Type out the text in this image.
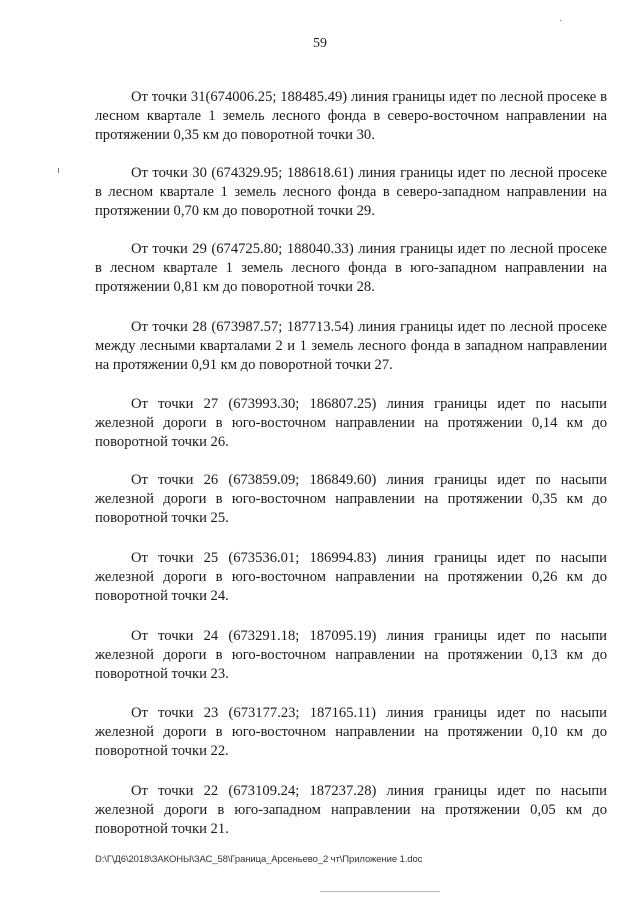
59

От точки 31(674006.25; 188485.49) линия границы идет по лесной просеке в лесном квартале 1 земель лесного фонда в северо-восточном направлении на протяжении 0,35 км до поворотной точки 30.

От точки 30 (674329.95; 188618.61) линия границы идет по лесной просеке в лесном квартале 1 земель лесного фонда в северо-западном направлении на протяжении 0,70 км до поворотной точки 29.

От точки 29 (674725.80; 188040.33) линия границы идет по лесной просеке в лесном квартале 1 земель лесного фонда в юго-западном направлении на протяжении 0,81 км до поворотной точки 28.

От точки 28 (673987.57; 187713.54) линия границы идет по лесной просеке между лесными кварталами 2 и 1 земель лесного фонда в западном направлении на протяжении 0,91 км до поворотной точки 27.

От точки 27 (673993.30; 186807.25) линия границы идет по насыпи железной дороги в юго-восточном направлении на протяжении 0,14 км до поворотной точки 26.

От точки 26 (673859.09; 186849.60) линия границы идет по насыпи железной дороги в юго-восточном направлении на протяжении 0,35 км до поворотной точки 25.

От точки 25 (673536.01; 186994.83) линия границы идет по насыпи железной дороги в юго-восточном направлении на протяжении 0,26 км до поворотной точки 24.

От точки 24 (673291.18; 187095.19) линия границы идет по насыпи железной дороги в юго-восточном направлении на протяжении 0,13 км до поворотной точки 23.

От точки 23 (673177.23; 187165.11) линия границы идет по насыпи железной дороги в юго-восточном направлении на протяжении 0,10 км до поворотной точки 22.

От точки 22 (673109.24; 187237.28) линия границы идет по насыпи железной дороги в юго-западном направлении на протяжении 0,05 км до поворотной точки 21.

D:\Г\Д6\2018\ЗАКОНЫ\ЗАС_58\Граница_Арсеньево_2 чт\Приложение 1.doc
